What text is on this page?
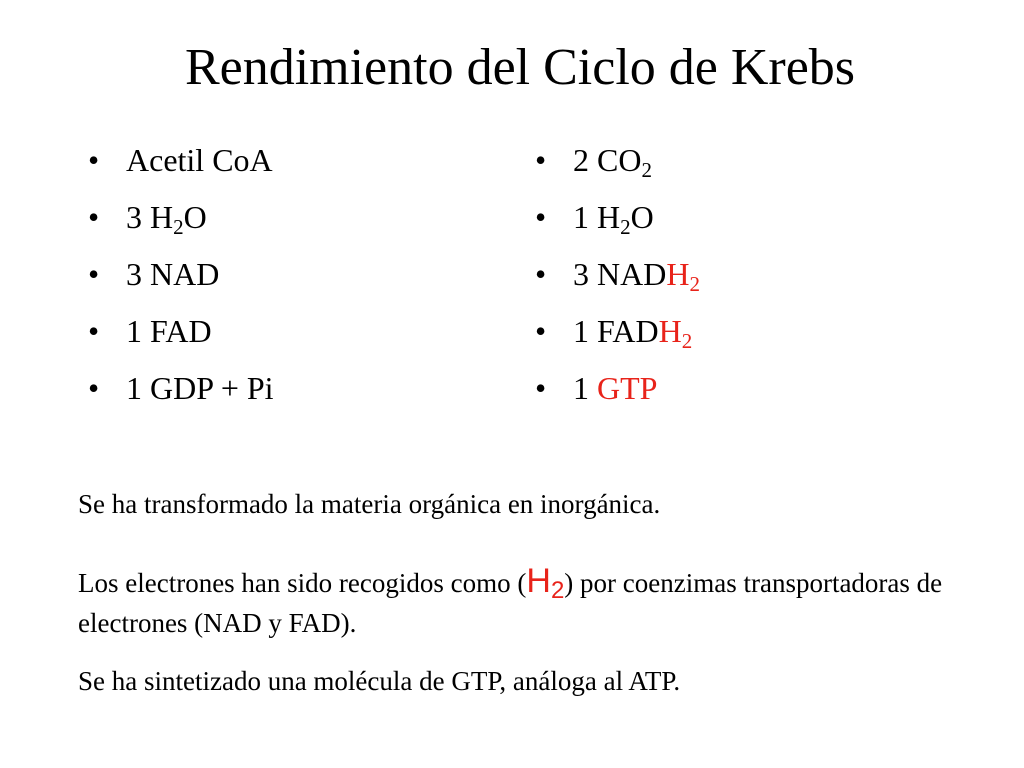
Rendimiento del Ciclo de Krebs
• Acetil CoA
• 3 $H_2O$
• 3 NAD
• 1 FAD
• 1 GDP + Pi
• 2 $CO_2$
• 1 $H_2O$
• 3 $NADH_2$
• 1 $FADH_2$
• 1 GTP

Se ha transformado la materia orgánica en inorgánica.

Los electrones han sido recogidos como $(H_2)$ por coenzimas transportadoras de electrones (NAD y FAD).

Se ha sintetizado una molécula de GTP, análoga al ATP.
